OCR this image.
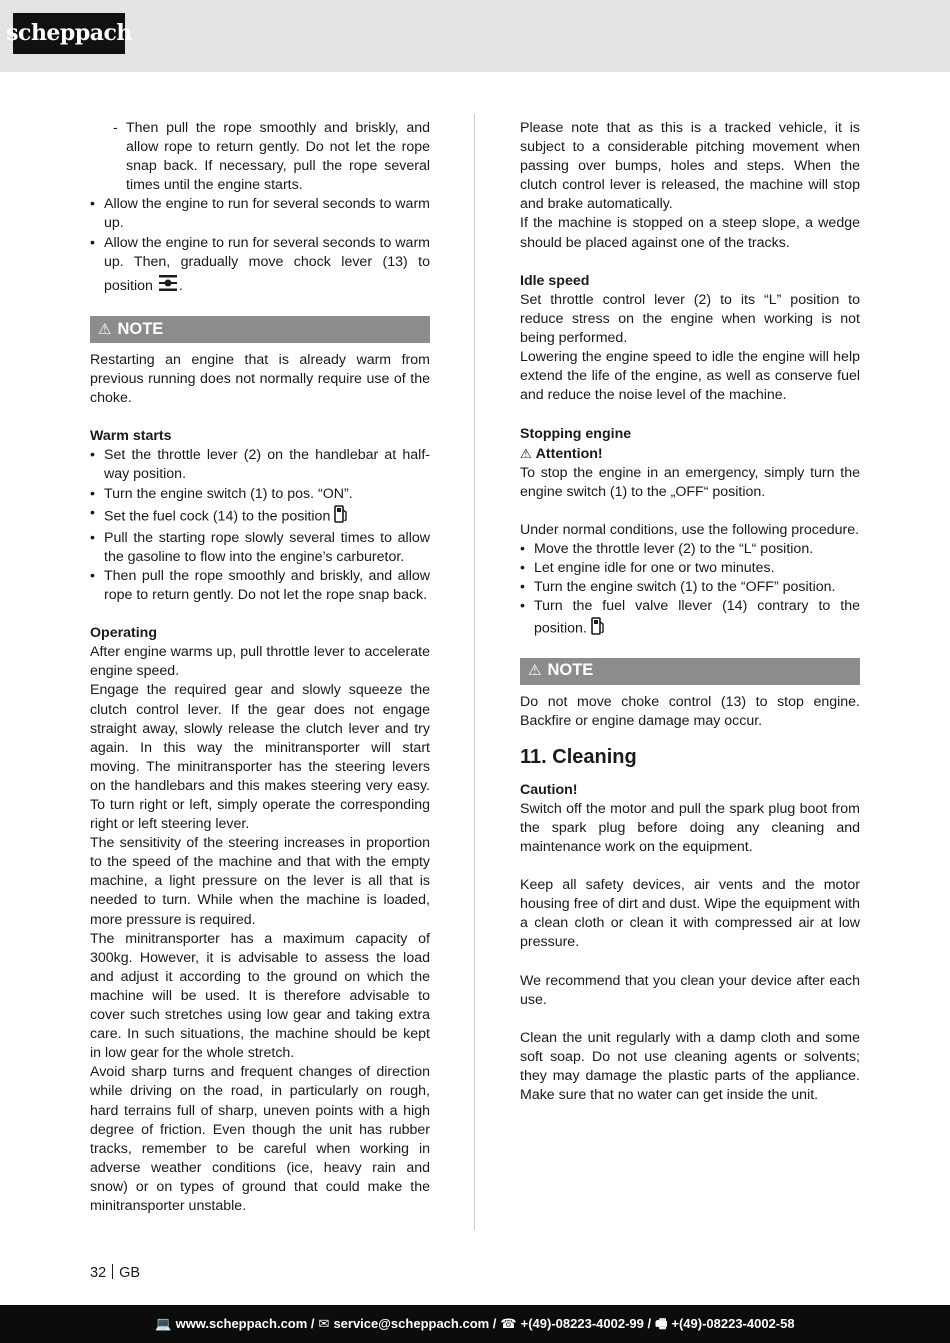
scheppach
- Then pull the rope smoothly and briskly, and allow rope to return gently. Do not let the rope snap back. If necessary, pull the rope several times until the engine starts.
• Allow the engine to run for several seconds to warm up.
• Allow the engine to run for several seconds to warm up. Then, gradually move chock lever (13) to position .
⚠ NOTE

Restarting an engine that is already warm from previous running does not normally require use of the choke.

Warm starts

• Set the throttle lever (2) on the handlebar at half-way position.
• Turn the engine switch (1) to pos. “ON”.
• Set the fuel cock (14) to the position
• Pull the starting rope slowly several times to allow the gasoline to flow into the engine’s carburetor.
• Then pull the rope smoothly and briskly, and allow rope to return gently. Do not let the rope snap back.

Operating

After engine warms up, pull throttle lever to accelerate engine speed.

Engage the required gear and slowly squeeze the clutch control lever. If the gear does not engage straight away, slowly release the clutch lever and try again. In this way the minitransporter will start moving. The minitransporter has the steering levers on the handlebars and this makes steering very easy. To turn right or left, simply operate the corresponding right or left steering lever.

The sensitivity of the steering increases in proportion to the speed of the machine and that with the empty machine, a light pressure on the lever is all that is needed to turn. While when the machine is loaded, more pressure is required.

The minitransporter has a maximum capacity of 300kg. However, it is advisable to assess the load and adjust it according to the ground on which the machine will be used. It is therefore advisable to cover such stretches using low gear and taking extra care. In such situations, the machine should be kept in low gear for the whole stretch.

Avoid sharp turns and frequent changes of direction while driving on the road, in particularly on rough, hard terrains full of sharp, uneven points with a high degree of friction. Even though the unit has rubber tracks, remember to be careful when working in adverse weather conditions (ice, heavy rain and snow) or on types of ground that could make the minitransporter unstable.

Please note that as this is a tracked vehicle, it is subject to a considerable pitching movement when passing over bumps, holes and steps. When the clutch control lever is released, the machine will stop and brake automatically.

If the machine is stopped on a steep slope, a wedge should be placed against one of the tracks.

Idle speed

Set throttle control lever (2) to its “L” position to reduce stress on the engine when working is not being performed.

Lowering the engine speed to idle the engine will help extend the life of the engine, as well as conserve fuel and reduce the noise level of the machine.

Stopping engine

⚠ Attention!

To stop the engine in an emergency, simply turn the engine switch (1) to the „OFF“ position.

Under normal conditions, use the following procedure.

• Move the throttle lever (2) to the “L“ position.
• Let engine idle for one or two minutes.
• Turn the engine switch (1) to the “OFF” position.
• Turn the fuel valve llever (14) contrary to the position.
⚠ NOTE

Do not move choke control (13) to stop engine. Backfire or engine damage may occur.

11. Cleaning

Caution!

Switch off the motor and pull the spark plug boot from the spark plug before doing any cleaning and maintenance work on the equipment.

Keep all safety devices, air vents and the motor housing free of dirt and dust. Wipe the equipment with a clean cloth or clean it with compressed air at low pressure.

We recommend that you clean your device after each use.

Clean the unit regularly with a damp cloth and some soft soap. Do not use cleaning agents or solvents; they may damage the plastic parts of the appliance. Make sure that no water can get inside the unit.

32 GB
💻 www.scheppach.com / ✉ service@scheppach.com / ☎ +(49)-08223-4002-99 / 🖷 +(49)-08223-4002-58
